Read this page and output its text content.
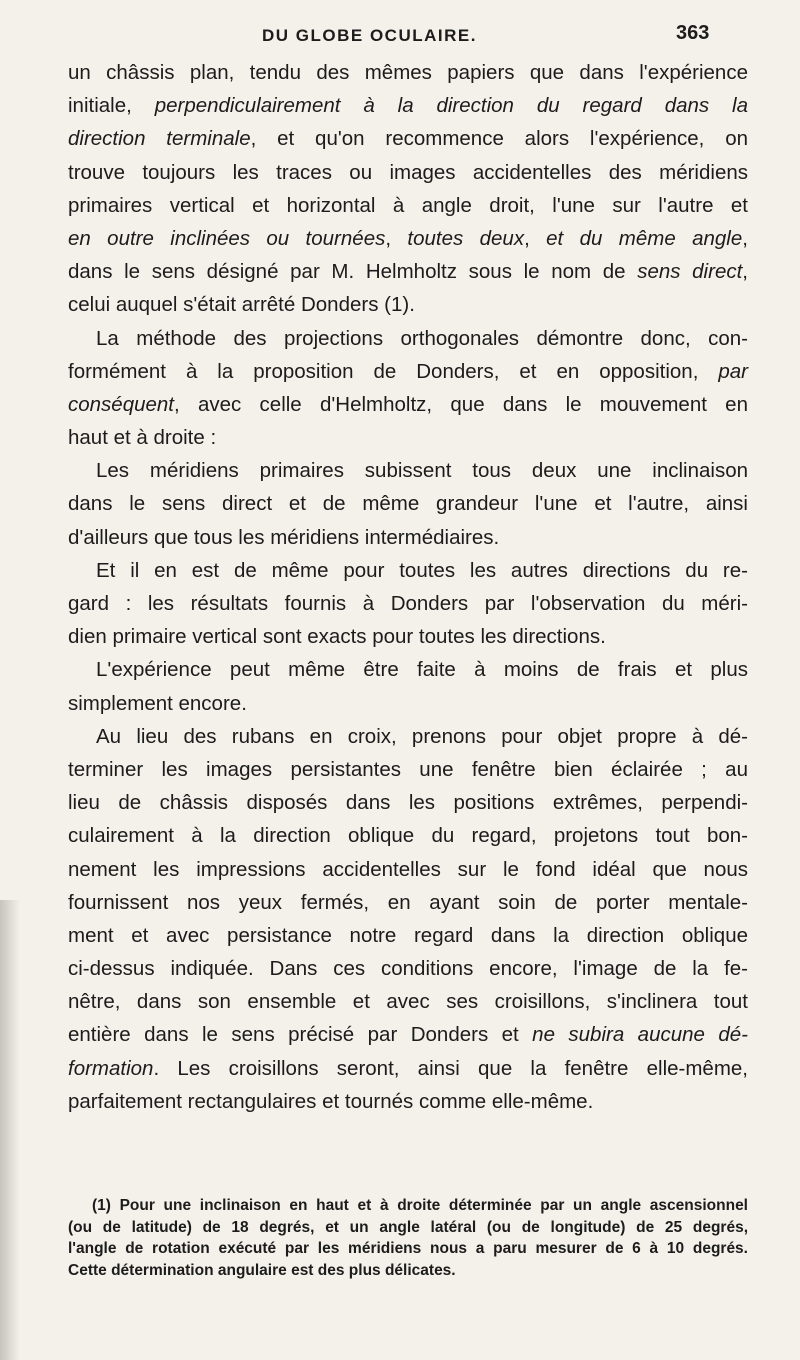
DU GLOBE OCULAIRE.	363
un châssis plan, tendu des mêmes papiers que dans l'expérience
initiale, perpendiculairement à la direction du regard dans la
direction terminale, et qu'on recommence alors l'expérience, on
trouve toujours les traces ou images accidentelles des méridiens
primaires vertical et horizontal à angle droit, l'une sur l'autre et
en outre inclinées ou tournées, toutes deux, et du même angle,
dans le sens désigné par M. Helmholtz sous le nom de sens direct,
celui auquel s'était arrêté Donders (1).
La méthode des projections orthogonales démontre donc, con-
formément à la proposition de Donders, et en opposition, par
conséquent, avec celle d'Helmholtz, que dans le mouvement en
haut et à droite :
Les méridiens primaires subissent tous deux une inclinaison
dans le sens direct et de même grandeur l'une et l'autre, ainsi
d'ailleurs que tous les méridiens intermédiaires.
Et il en est de même pour toutes les autres directions du re-
gard : les résultats fournis à Donders par l'observation du méri-
dien primaire vertical sont exacts pour toutes les directions.
L'expérience peut même être faite à moins de frais et plus
simplement encore.
Au lieu des rubans en croix, prenons pour objet propre à dé-
terminer les images persistantes une fenêtre bien éclairée ; au
lieu de châssis disposés dans les positions extrêmes, perpendi-
culairement à la direction oblique du regard, projetons tout bon-
nement les impressions accidentelles sur le fond idéal que nous
fournissent nos yeux fermés, en ayant soin de porter mentale-
ment et avec persistance notre regard dans la direction oblique
ci-dessus indiquée. Dans ces conditions encore, l'image de la fe-
nêtre, dans son ensemble et avec ses croisillons, s'inclinera tout
entière dans le sens précisé par Donders et ne subira aucune dé-
formation. Les croisillons seront, ainsi que la fenêtre elle-même,
parfaitement rectangulaires et tournés comme elle-même.
(1) Pour une inclinaison en haut et à droite déterminée par un angle ascensionnel
(ou de latitude) de 18 degrés, et un angle latéral (ou de longitude) de 25 degrés,
l'angle de rotation exécuté par les méridiens nous a paru mesurer de 6 à 10 degrés.
Cette détermination angulaire est des plus délicates.
